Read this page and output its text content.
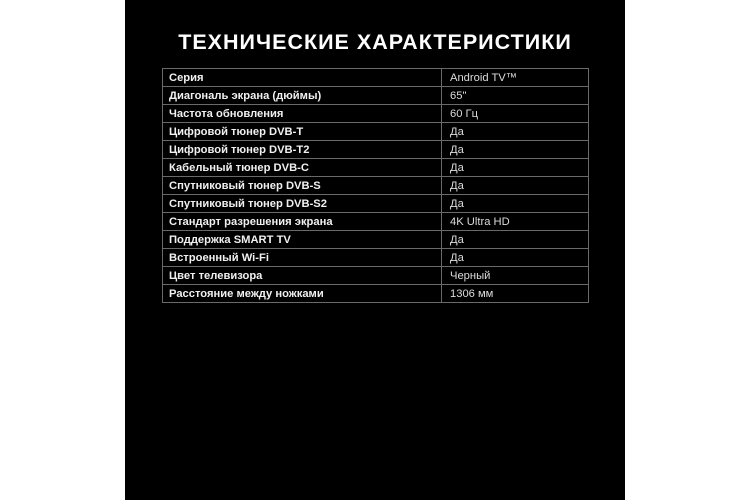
ТЕХНИЧЕСКИЕ ХАРАКТЕРИСТИКИ
Серия	Android TV™
Диагональ экрана (дюймы)	65"
Частота обновления	60 Гц
Цифровой тюнер DVB-T	Да
Цифровой тюнер DVB-T2	Да
Кабельный тюнер DVB-C	Да
Спутниковый тюнер DVB-S	Да
Спутниковый тюнер DVB-S2	Да
Стандарт разрешения экрана	4K Ultra HD
Поддержка SMART TV	Да
Встроенный Wi-Fi	Да
Цвет телевизора	Черный
Расстояние между ножками	1306 мм
